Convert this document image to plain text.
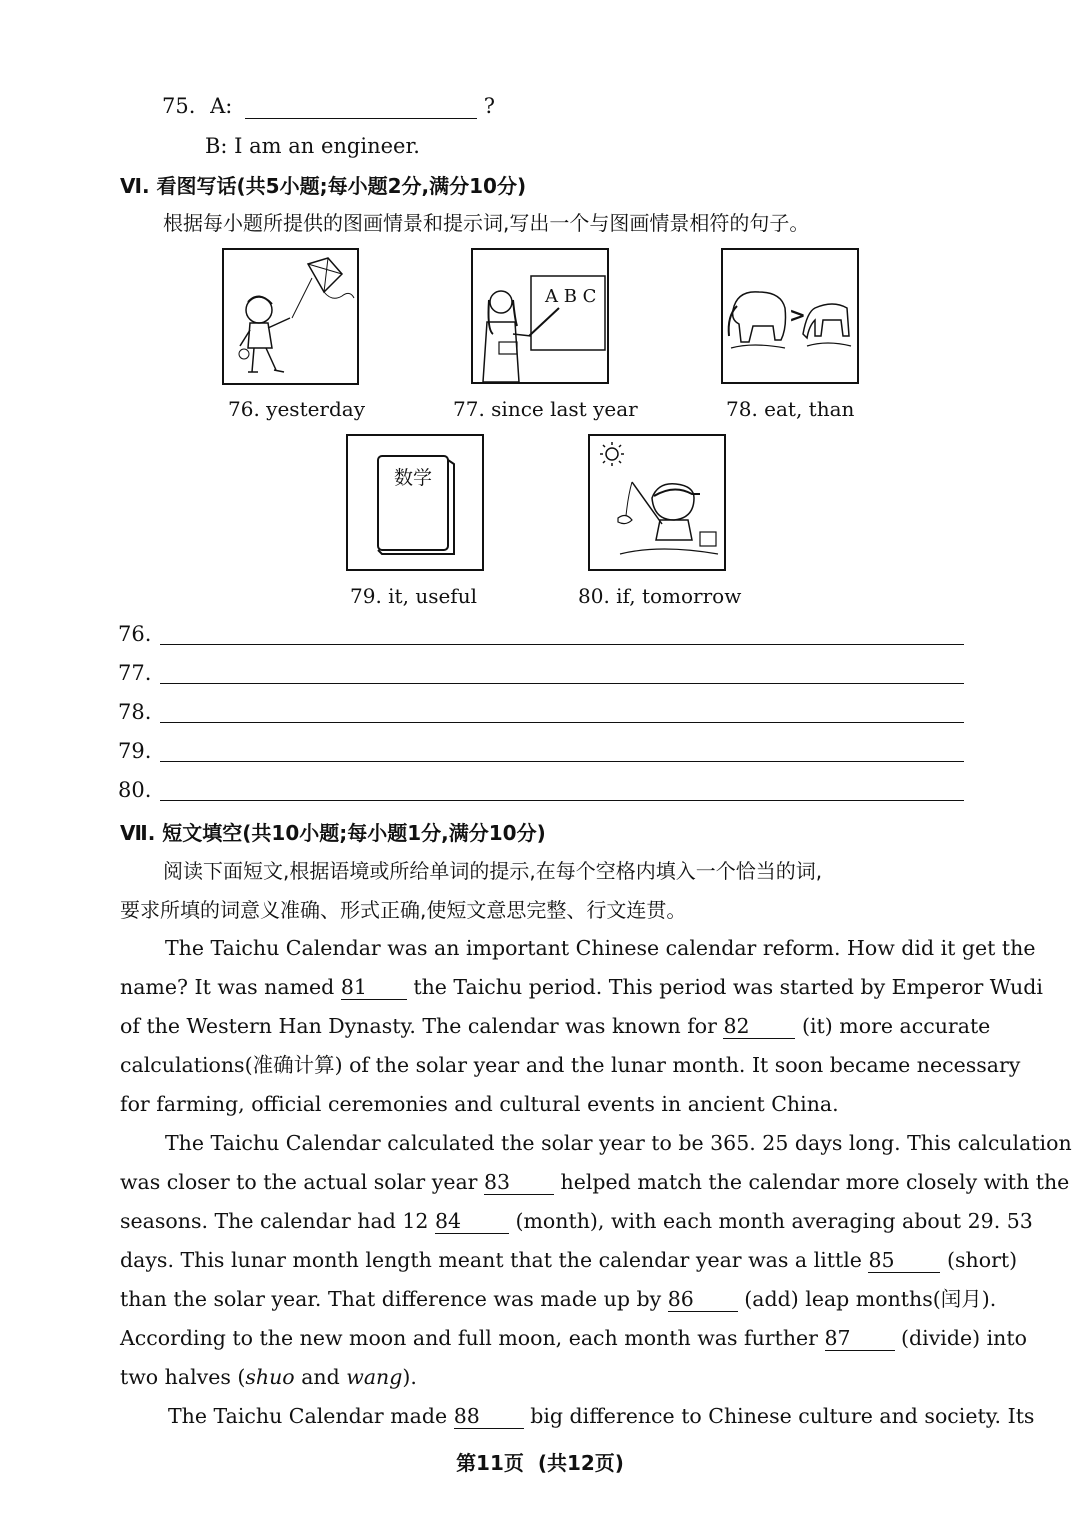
75. A:	?
B: I am an engineer.
Ⅵ. 看图写话(共5小题;每小题2分,满分10分)
根据每小题所提供的图画情景和提示词,写出一个与图画情景相符的句子。
76. yesterday
A B C
77. since last year
>
78. eat, than
数学
79. it, useful	80. if, tomorrow
76.
77.
78.
79.
80.
Ⅶ. 短文填空(共10小题;每小题1分,满分10分)
阅读下面短文,根据语境或所给单词的提示,在每个空格内填入一个恰当的词,
要求所填的词意义准确、形式正确,使短文意思完整、行文连贯。
The Taichu Calendar was an important Chinese calendar reform. How did it get the
name? It was named 81 the Taichu period. This period was started by Emperor Wudi
of the Western Han Dynasty. The calendar was known for 82	(it) more accurate
calculations(准确计算) of the solar year and the lunar month. It soon became necessary
for farming, official ceremonies and cultural events in ancient China.
The Taichu Calendar calculated the solar year to be 365. 25 days long. This calculation
was closer to the actual solar year 83 helped match the calendar more closely with the
seasons. The calendar had 12 84	(month), with each month averaging about 29. 53
days. This lunar month length meant that the calendar year was a little 85	(short)
than the solar year. That difference was made up by 86 (add) leap months(闰月).
According to the new moon and full moon, each month was further 87 (divide) into
two halves (shuo and wang).
The Taichu Calendar made 88 big difference to Chinese culture and society. Its
第11页  (共12页)
